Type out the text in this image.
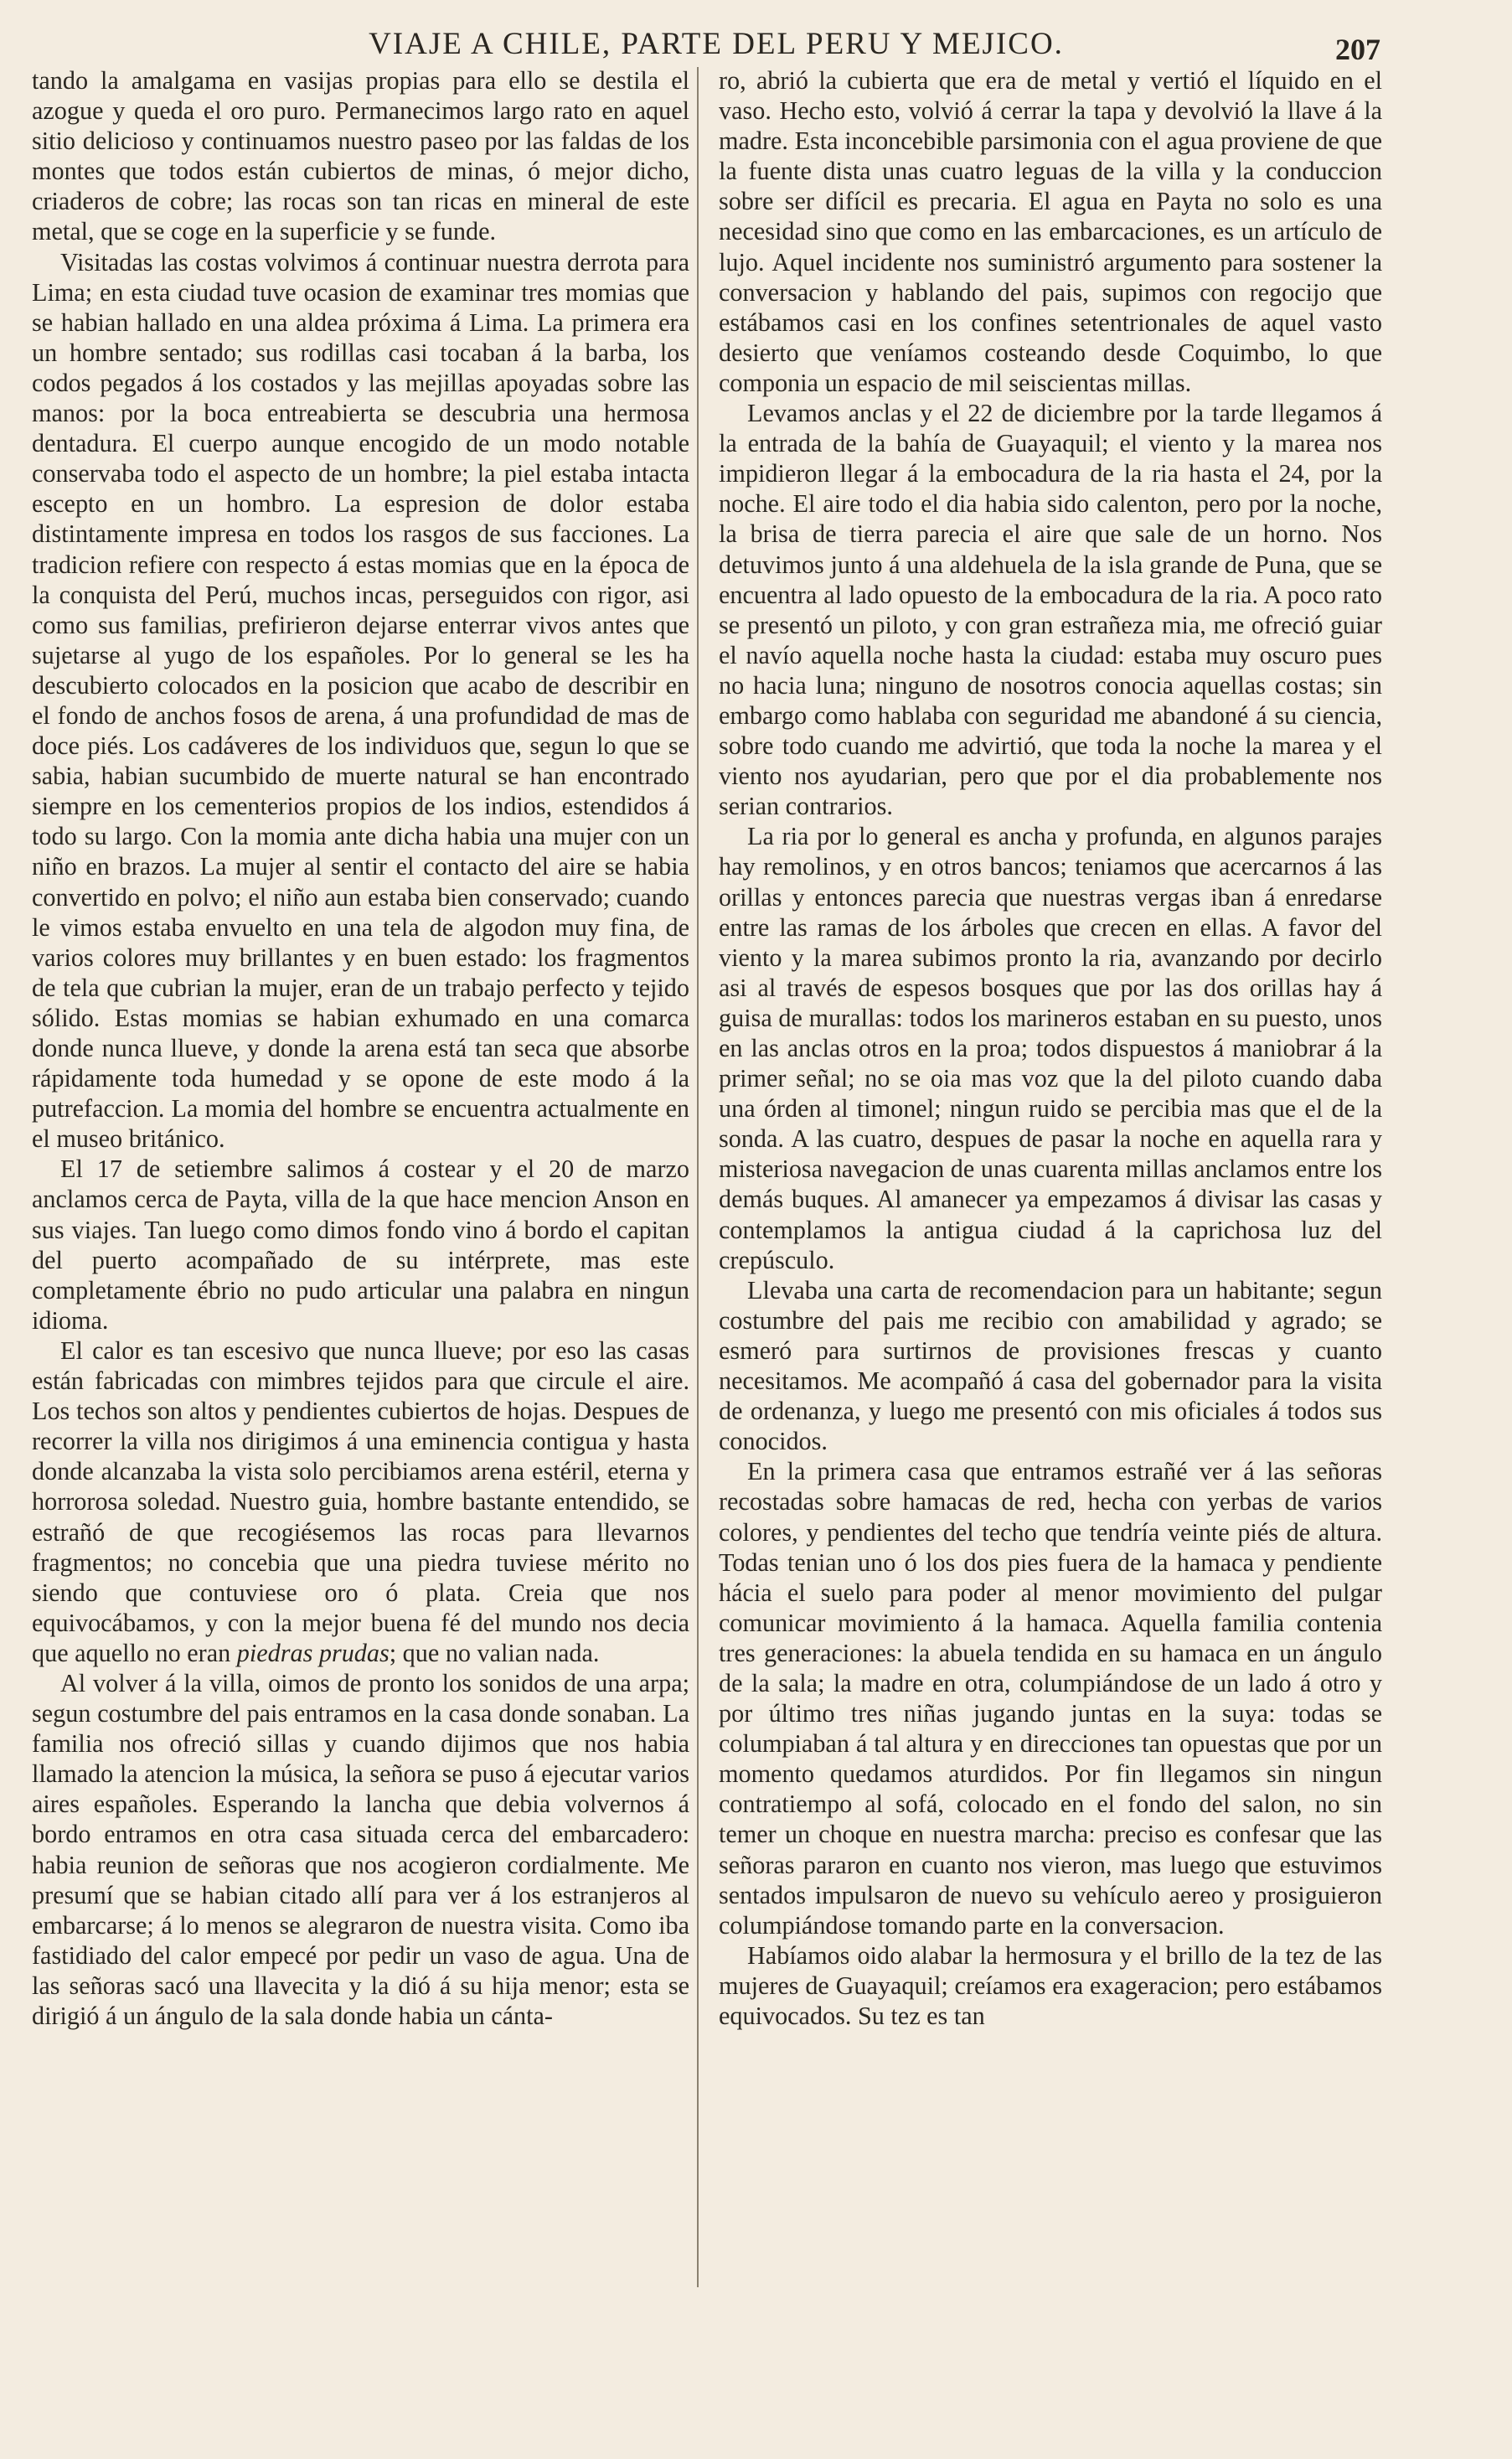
VIAJE A CHILE, PARTE DEL PERU Y MEJICO.	207

tando la amalgama en vasijas propias para ello se destila el azogue y queda el oro puro. Permanecimos largo rato en aquel sitio delicioso y continuamos nuestro paseo por las faldas de los montes que todos están cubiertos de minas, ó mejor dicho, criaderos de cobre; las rocas son tan ricas en mineral de este metal, que se coge en la superficie y se funde.

Visitadas las costas volvimos á continuar nuestra derrota para Lima; en esta ciudad tuve ocasion de examinar tres momias que se habian hallado en una aldea próxima á Lima. La primera era un hombre sentado; sus rodillas casi tocaban á la barba, los codos pegados á los costados y las mejillas apoyadas sobre las manos: por la boca entreabierta se descubria una hermosa dentadura. El cuerpo aunque encogido de un modo notable conservaba todo el aspecto de un hombre; la piel estaba intacta escepto en un hombro. La espresion de dolor estaba distintamente impresa en todos los rasgos de sus facciones. La tradicion refiere con respecto á estas momias que en la época de la conquista del Perú, muchos incas, perseguidos con rigor, asi como sus familias, prefirieron dejarse enterrar vivos antes que sujetarse al yugo de los españoles. Por lo general se les ha descubierto colocados en la posicion que acabo de describir en el fondo de anchos fosos de arena, á una profundidad de mas de doce piés. Los cadáveres de los individuos que, segun lo que se sabia, habian sucumbido de muerte natural se han encontrado siempre en los cementerios propios de los indios, estendidos á todo su largo. Con la momia ante dicha habia una mujer con un niño en brazos. La mujer al sentir el contacto del aire se habia convertido en polvo; el niño aun estaba bien conservado; cuando le vimos estaba envuelto en una tela de algodon muy fina, de varios colores muy brillantes y en buen estado: los fragmentos de tela que cubrian la mujer, eran de un trabajo perfecto y tejido sólido. Estas momias se habian exhumado en una comarca donde nunca llueve, y donde la arena está tan seca que absorbe rápidamente toda humedad y se opone de este modo á la putrefaccion. La momia del hombre se encuentra actualmente en el museo británico.

El 17 de setiembre salimos á costear y el 20 de marzo anclamos cerca de Payta, villa de la que hace mencion Anson en sus viajes. Tan luego como dimos fondo vino á bordo el capitan del puerto acompañado de su intérprete, mas este completamente ébrio no pudo articular una palabra en ningun idioma.

El calor es tan escesivo que nunca llueve; por eso las casas están fabricadas con mimbres tejidos para que circule el aire. Los techos son altos y pendientes cubiertos de hojas. Despues de recorrer la villa nos dirigimos á una eminencia contigua y hasta donde alcanzaba la vista solo percibiamos arena estéril, eterna y horrorosa soledad. Nuestro guia, hombre bastante entendido, se estrañó de que recogiésemos las rocas para llevarnos fragmentos; no concebia que una piedra tuviese mérito no siendo que contuviese oro ó plata. Creia que nos equivocábamos, y con la mejor buena fé del mundo nos decia que aquello no eran piedras prudas; que no valian nada.

Al volver á la villa, oimos de pronto los sonidos de una arpa; segun costumbre del pais entramos en la casa donde sonaban. La familia nos ofreció sillas y cuando dijimos que nos habia llamado la atencion la música, la señora se puso á ejecutar varios aires españoles. Esperando la lancha que debia volvernos á bordo entramos en otra casa situada cerca del embarcadero: habia reunion de señoras que nos acogieron cordialmente. Me presumí que se habian citado allí para ver á los estranjeros al embarcarse; á lo menos se alegraron de nuestra visita. Como iba fastidiado del calor empecé por pedir un vaso de agua. Una de las señoras sacó una llavecita y la dió á su hija menor; esta se dirigió á un ángulo de la sala donde habia un cánta-

ro, abrió la cubierta que era de metal y vertió el líquido en el vaso. Hecho esto, volvió á cerrar la tapa y devolvió la llave á la madre. Esta inconcebible parsimonia con el agua proviene de que la fuente dista unas cuatro leguas de la villa y la conduccion sobre ser difícil es precaria. El agua en Payta no solo es una necesidad sino que como en las embarcaciones, es un artículo de lujo. Aquel incidente nos suministró argumento para sostener la conversacion y hablando del pais, supimos con regocijo que estábamos casi en los confines setentrionales de aquel vasto desierto que veníamos costeando desde Coquimbo, lo que componia un espacio de mil seiscientas millas.

Levamos anclas y el 22 de diciembre por la tarde llegamos á la entrada de la bahía de Guayaquil; el viento y la marea nos impidieron llegar á la embocadura de la ria hasta el 24, por la noche. El aire todo el dia habia sido calenton, pero por la noche, la brisa de tierra parecia el aire que sale de un horno. Nos detuvimos junto á una aldehuela de la isla grande de Puna, que se encuentra al lado opuesto de la embocadura de la ria. A poco rato se presentó un piloto, y con gran estrañeza mia, me ofreció guiar el navío aquella noche hasta la ciudad: estaba muy oscuro pues no hacia luna; ninguno de nosotros conocia aquellas costas; sin embargo como hablaba con seguridad me abandoné á su ciencia, sobre todo cuando me advirtió, que toda la noche la marea y el viento nos ayudarian, pero que por el dia probablemente nos serian contrarios.

La ria por lo general es ancha y profunda, en algunos parajes hay remolinos, y en otros bancos; teniamos que acercarnos á las orillas y entonces parecia que nuestras vergas iban á enredarse entre las ramas de los árboles que crecen en ellas. A favor del viento y la marea subimos pronto la ria, avanzando por decirlo asi al través de espesos bosques que por las dos orillas hay á guisa de murallas: todos los marineros estaban en su puesto, unos en las anclas otros en la proa; todos dispuestos á maniobrar á la primer señal; no se oia mas voz que la del piloto cuando daba una órden al timonel; ningun ruido se percibia mas que el de la sonda. A las cuatro, despues de pasar la noche en aquella rara y misteriosa navegacion de unas cuarenta millas anclamos entre los demás buques. Al amanecer ya empezamos á divisar las casas y contemplamos la antigua ciudad á la caprichosa luz del crepúsculo.

Llevaba una carta de recomendacion para un habitante; segun costumbre del pais me recibio con amabilidad y agrado; se esmeró para surtirnos de provisiones frescas y cuanto necesitamos. Me acompañó á casa del gobernador para la visita de ordenanza, y luego me presentó con mis oficiales á todos sus conocidos.

En la primera casa que entramos estrañé ver á las señoras recostadas sobre hamacas de red, hecha con yerbas de varios colores, y pendientes del techo que tendría veinte piés de altura. Todas tenian uno ó los dos pies fuera de la hamaca y pendiente hácia el suelo para poder al menor movimiento del pulgar comunicar movimiento á la hamaca. Aquella familia contenia tres generaciones: la abuela tendida en su hamaca en un ángulo de la sala; la madre en otra, columpiándose de un lado á otro y por último tres niñas jugando juntas en la suya: todas se columpiaban á tal altura y en direcciones tan opuestas que por un momento quedamos aturdidos. Por fin llegamos sin ningun contratiempo al sofá, colocado en el fondo del salon, no sin temer un choque en nuestra marcha: preciso es confesar que las señoras pararon en cuanto nos vieron, mas luego que estuvimos sentados impulsaron de nuevo su vehículo aereo y prosiguieron columpiándose tomando parte en la conversacion.

Habíamos oido alabar la hermosura y el brillo de la tez de las mujeres de Guayaquil; creíamos era exageracion; pero estábamos equivocados. Su tez es tan
